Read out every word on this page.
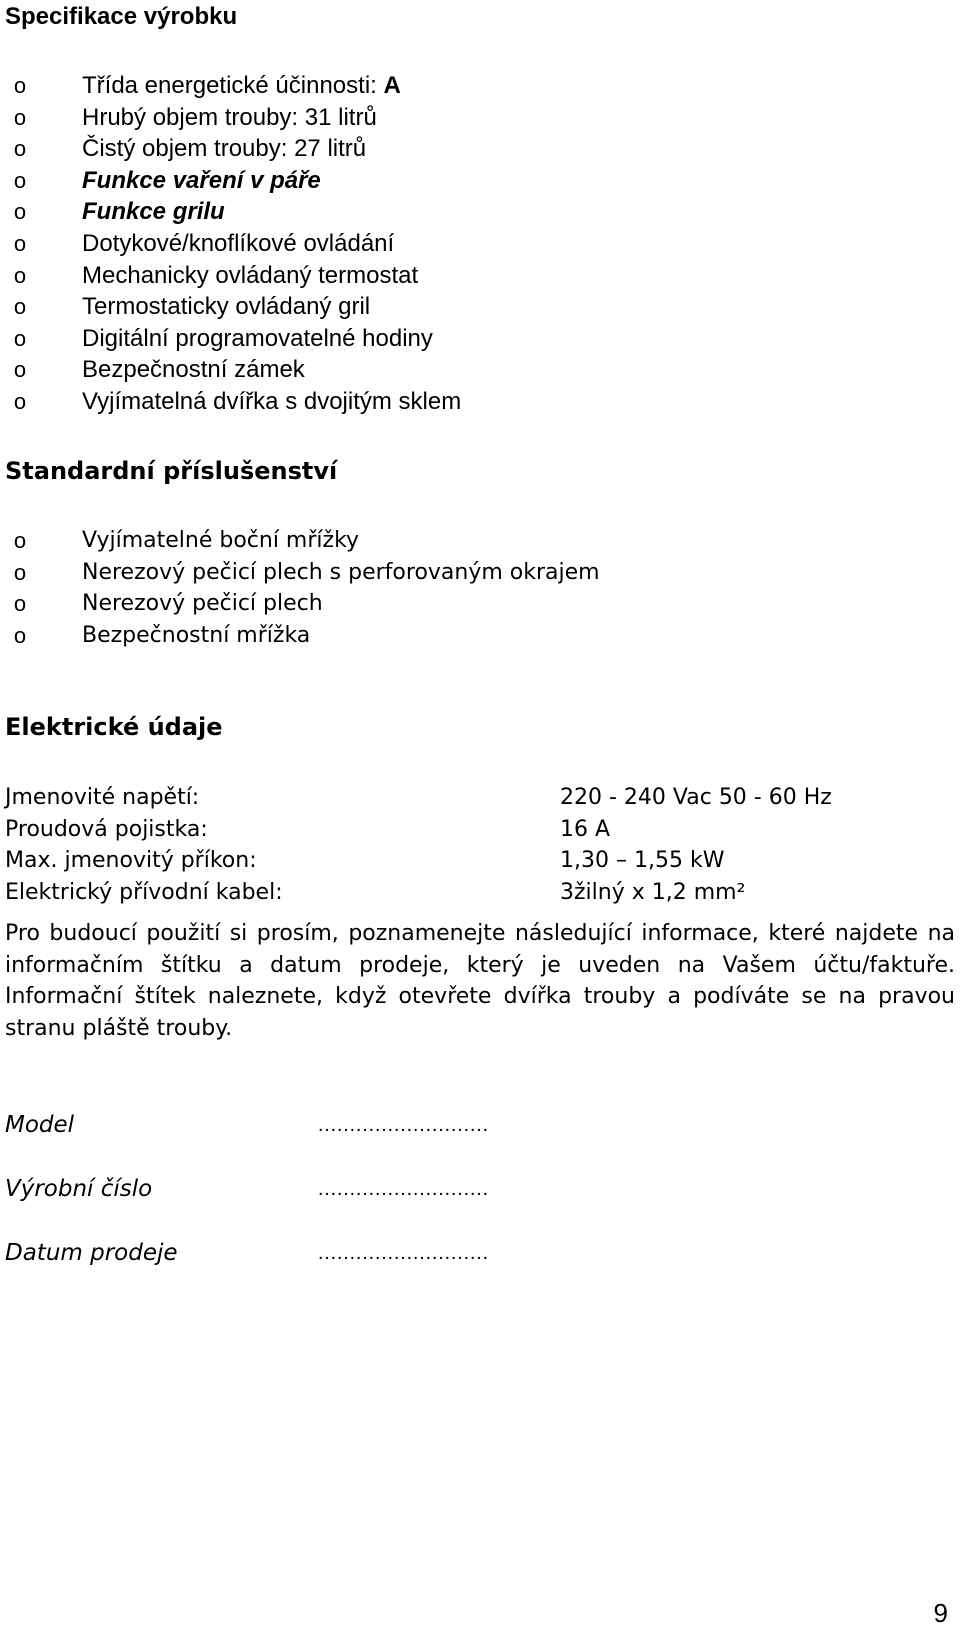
Specifikace výrobku
o Třída energetické účinnosti: A
o Hrubý objem trouby: 31 litrů
o Čistý objem trouby: 27 litrů
o Funkce vaření v páře
o Funkce grilu
o Dotykové/knoflíkové ovládání
o Mechanicky ovládaný termostat
o Termostaticky ovládaný gril
o Digitální programovatelné hodiny
o Bezpečnostní zámek
o Vyjímatelná dvířka s dvojitým sklem
Standardní příslušenství
o	Vyjímatelné boční mřížky
o	Nerezový pečicí plech s perforovaným okrajem
o	Nerezový pečicí plech
o	Bezpečnostní mřížka
Elektrické údaje
Jmenovité napětí:	220 - 240 Vac 50 - 60 Hz
Proudová pojistka:	16 A
Max. jmenovitý příkon:	1,30 – 1,55 kW
Elektrický přívodní kabel:	3žilný x 1,2 mm²

Pro budoucí použití si prosím, poznamenejte následující informace, které najdete na informačním štítku a datum prodeje, který je uveden na Vašem účtu/faktuře. Informační štítek naleznete, když otevřete dvířka trouby a podíváte se na pravou stranu pláště trouby.

Model	………………………
Výrobní číslo	………………………
Datum prodeje	………………………
9
